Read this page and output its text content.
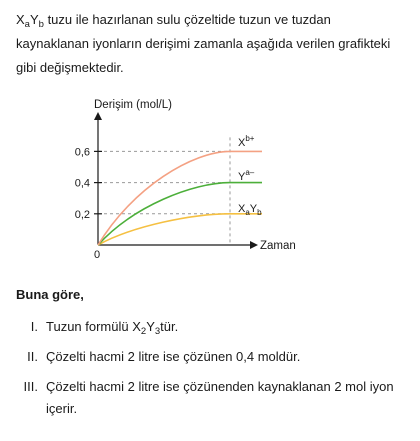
$X_aY_b$ tuzu ile hazırlanan sulu çözeltide tuzun ve tuzdan kaynaklanan iyonların derişimi zamanla aşağıda verilen grafikteki gibi değişmektedir.
Derişim (mol/L)
Zaman
0
0,6
0,4
0,2
$X^{b+}$
$Y^{a-}$
$X_aY_b$
Buna göre,
I. Tuzun formülü $X_2Y_3tür$.
II. Çözelti hacmi 2 litre ise çözünen 0,4 moldür.
III. Çözelti hacmi 2 litre ise çözünenden kaynaklanan 2 mol iyon içerir.
